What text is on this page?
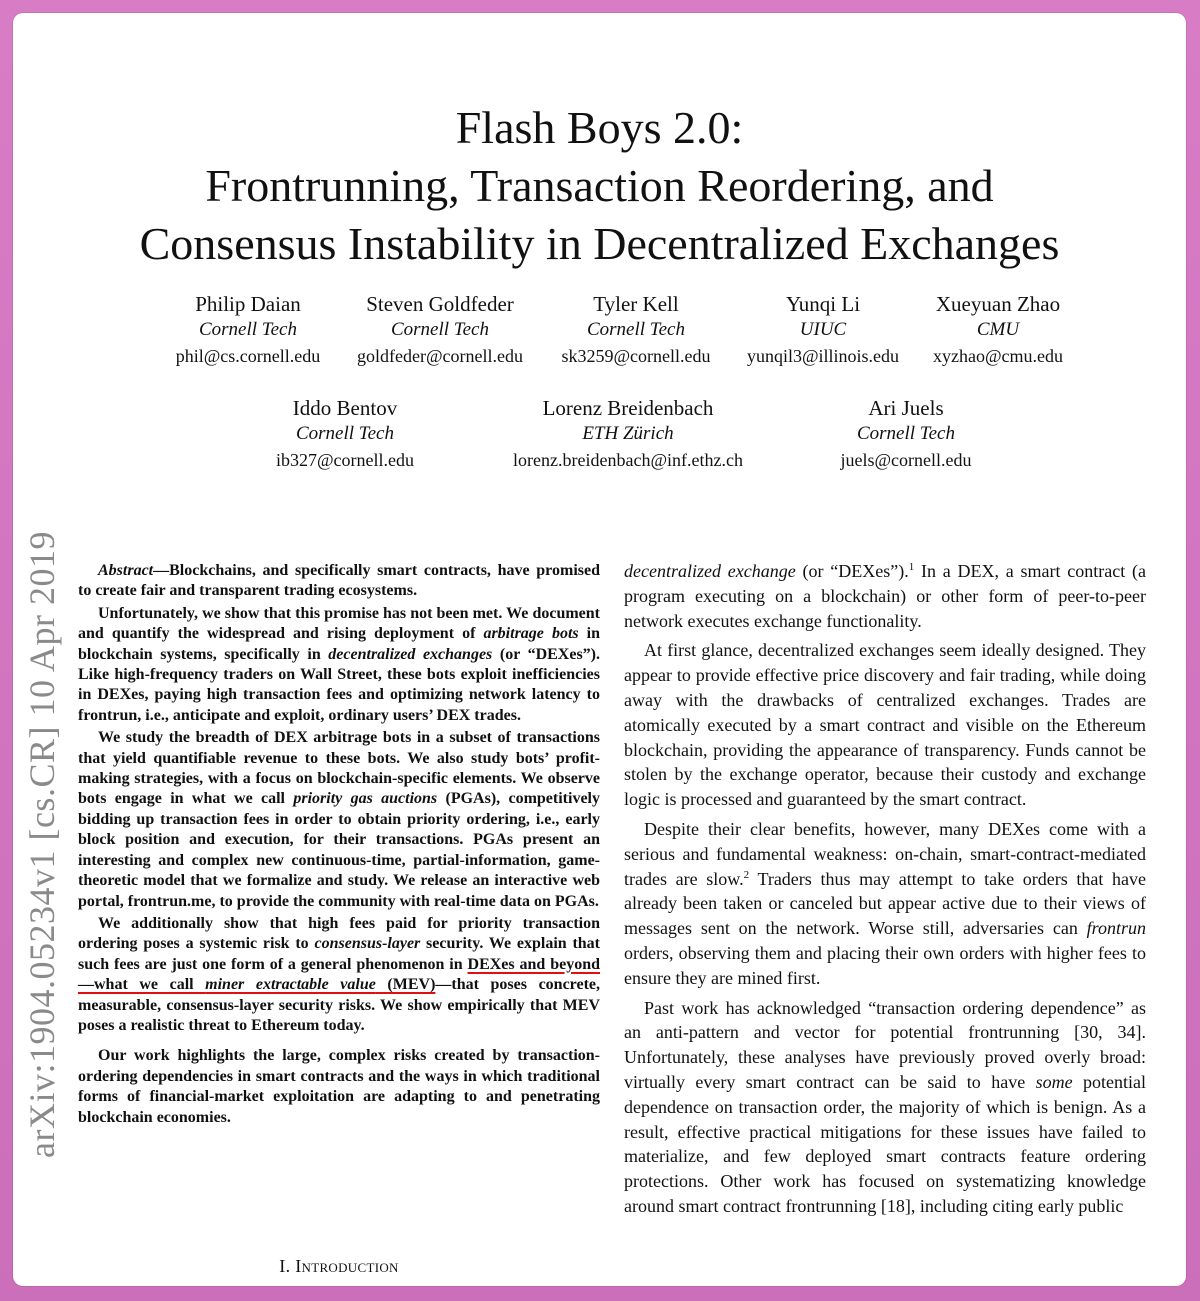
Flash Boys 2.0:
Frontrunning, Transaction Reordering, and
Consensus Instability in Decentralized Exchanges
Philip Daian
Cornell Tech
phil@cs.cornell.edu
Steven Goldfeder
Cornell Tech
goldfeder@cornell.edu
Tyler Kell
Cornell Tech
sk3259@cornell.edu
Yunqi Li
UIUC
yunqil3@illinois.edu
Xueyuan Zhao
CMU
xyzhao@cmu.edu
Iddo Bentov
Cornell Tech
ib327@cornell.edu
Lorenz Breidenbach
ETH Zürich
lorenz.breidenbach@inf.ethz.ch
Ari Juels
Cornell Tech
juels@cornell.edu
arXiv:1904.05234v1 [cs.CR] 10 Apr 2019	Abstract—Blockchains, and specifically smart contracts, have promised to create fair and transparent trading ecosystems.

Unfortunately, we show that this promise has not been met. We document and quantify the widespread and rising deployment of arbitrage bots in blockchain systems, specifically in decentralized exchanges (or “DEXes”). Like high-frequency traders on Wall Street, these bots exploit inefficiencies in DEXes, paying high transaction fees and optimizing network latency to frontrun, i.e., anticipate and exploit, ordinary users’ DEX trades.

We study the breadth of DEX arbitrage bots in a subset of transactions that yield quantifiable revenue to these bots. We also study bots’ profit-making strategies, with a focus on blockchain-specific elements. We observe bots engage in what we call priority gas auctions (PGAs), competitively bidding up transaction fees in order to obtain priority ordering, i.e., early block position and execution, for their transactions. PGAs present an interesting and complex new continuous-time, partial-information, game-theoretic model that we formalize and study. We release an interactive web portal, frontrun.me, to provide the community with real-time data on PGAs.

We additionally show that high fees paid for priority transaction ordering poses a systemic risk to consensus-layer security. We explain that such fees are just one form of a general phenomenon in DEXes and beyond—what we call miner extractable value (MEV)—that poses concrete, measurable, consensus-layer security risks. We show empirically that MEV poses a realistic threat to Ethereum today.

Our work highlights the large, complex risks created by transaction-ordering dependencies in smart contracts and the ways in which traditional forms of financial-market exploitation are adapting to and penetrating blockchain economies.

I. Introduction

decentralized exchange (or “DEXes”).$^1$ In a DEX, a smart contract (a program executing on a blockchain) or other form of peer-to-peer network executes exchange functionality.

At first glance, decentralized exchanges seem ideally designed. They appear to provide effective price discovery and fair trading, while doing away with the drawbacks of centralized exchanges. Trades are atomically executed by a smart contract and visible on the Ethereum blockchain, providing the appearance of transparency. Funds cannot be stolen by the exchange operator, because their custody and exchange logic is processed and guaranteed by the smart contract.

Despite their clear benefits, however, many DEXes come with a serious and fundamental weakness: on-chain, smart-contract-mediated trades are slow.$^2$ Traders thus may attempt to take orders that have already been taken or canceled but appear active due to their views of messages sent on the network. Worse still, adversaries can frontrun orders, observing them and placing their own orders with higher fees to ensure they are mined first.

Past work has acknowledged “transaction ordering dependence” as an anti-pattern and vector for potential frontrunning [30, 34]. Unfortunately, these analyses have previously proved overly broad: virtually every smart contract can be said to have some potential dependence on transaction order, the majority of which is benign. As a result, effective practical mitigations for these issues have failed to materialize, and few deployed smart contracts feature ordering protections. Other work has focused on systematizing knowledge around smart contract frontrunning [18], including citing early public
